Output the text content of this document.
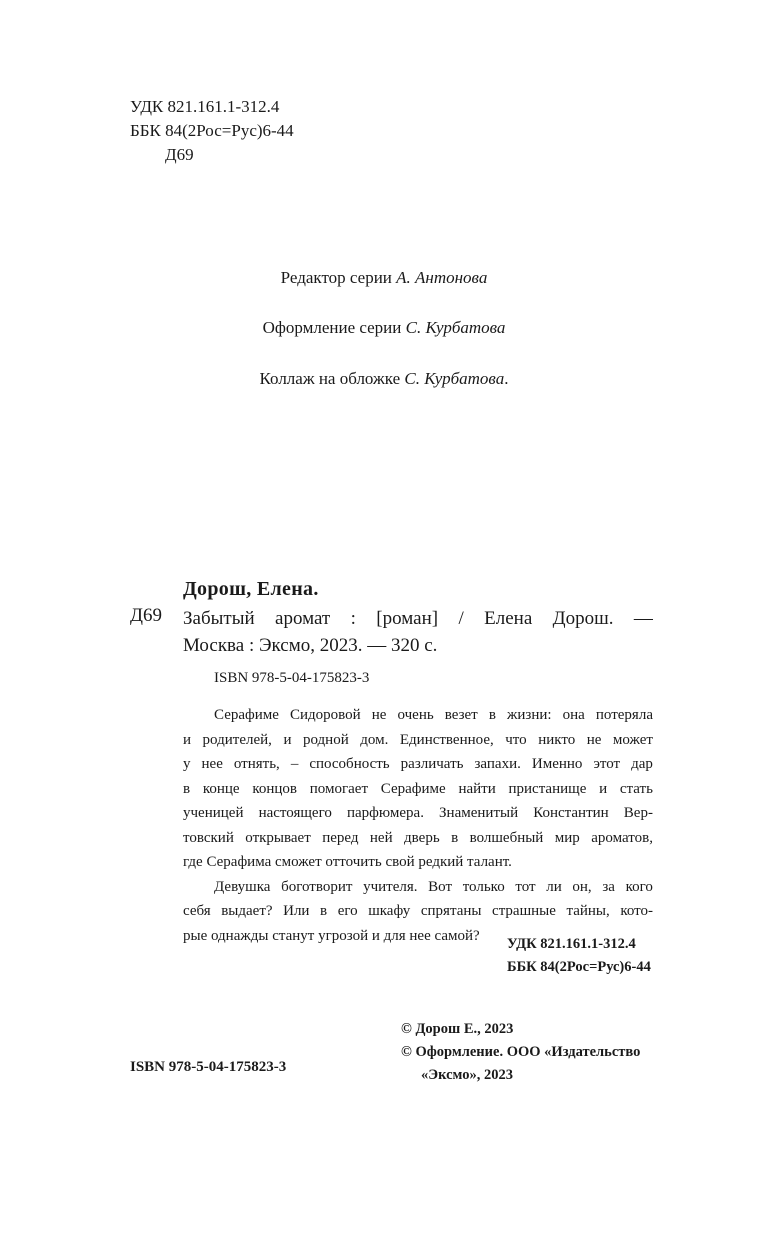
УДК 821.161.1-312.4
ББК 84(2Рос=Рус)6-44
Д69

Редактор серии А. Антонова

Оформление серии С. Курбатова

Коллаж на обложке С. Курбатова.

Дорош, Елена.
Д69 Забытый аромат : [роман] / Елена Дорош. —
Москва : Эксмо, 2023. — 320 с.
ISBN 978-5-04-175823-3
Серафиме Сидоровой не очень везет в жизни: она потеряла
и родителей, и родной дом. Единственное, что никто не может
у нее отнять, – способность различать запахи. Именно этот дар
в конце концов помогает Серафиме найти пристанище и стать
ученицей настоящего парфюмера. Знаменитый Константин Вер-
товский открывает перед ней дверь в волшебный мир ароматов,
где Серафима сможет отточить свой редкий талант.
Девушка боготворит учителя. Вот только тот ли он, за кого
себя выдает? Или в его шкафу спрятаны страшные тайны, кото-
рые однажды станут угрозой и для нее самой?
УДК 821.161.1-312.4
ББК 84(2Рос=Рус)6-44
© Дорош Е., 2023
© Оформление. ООО «Издательство
«Эксмо», 2023
ISBN 978-5-04-175823-3
